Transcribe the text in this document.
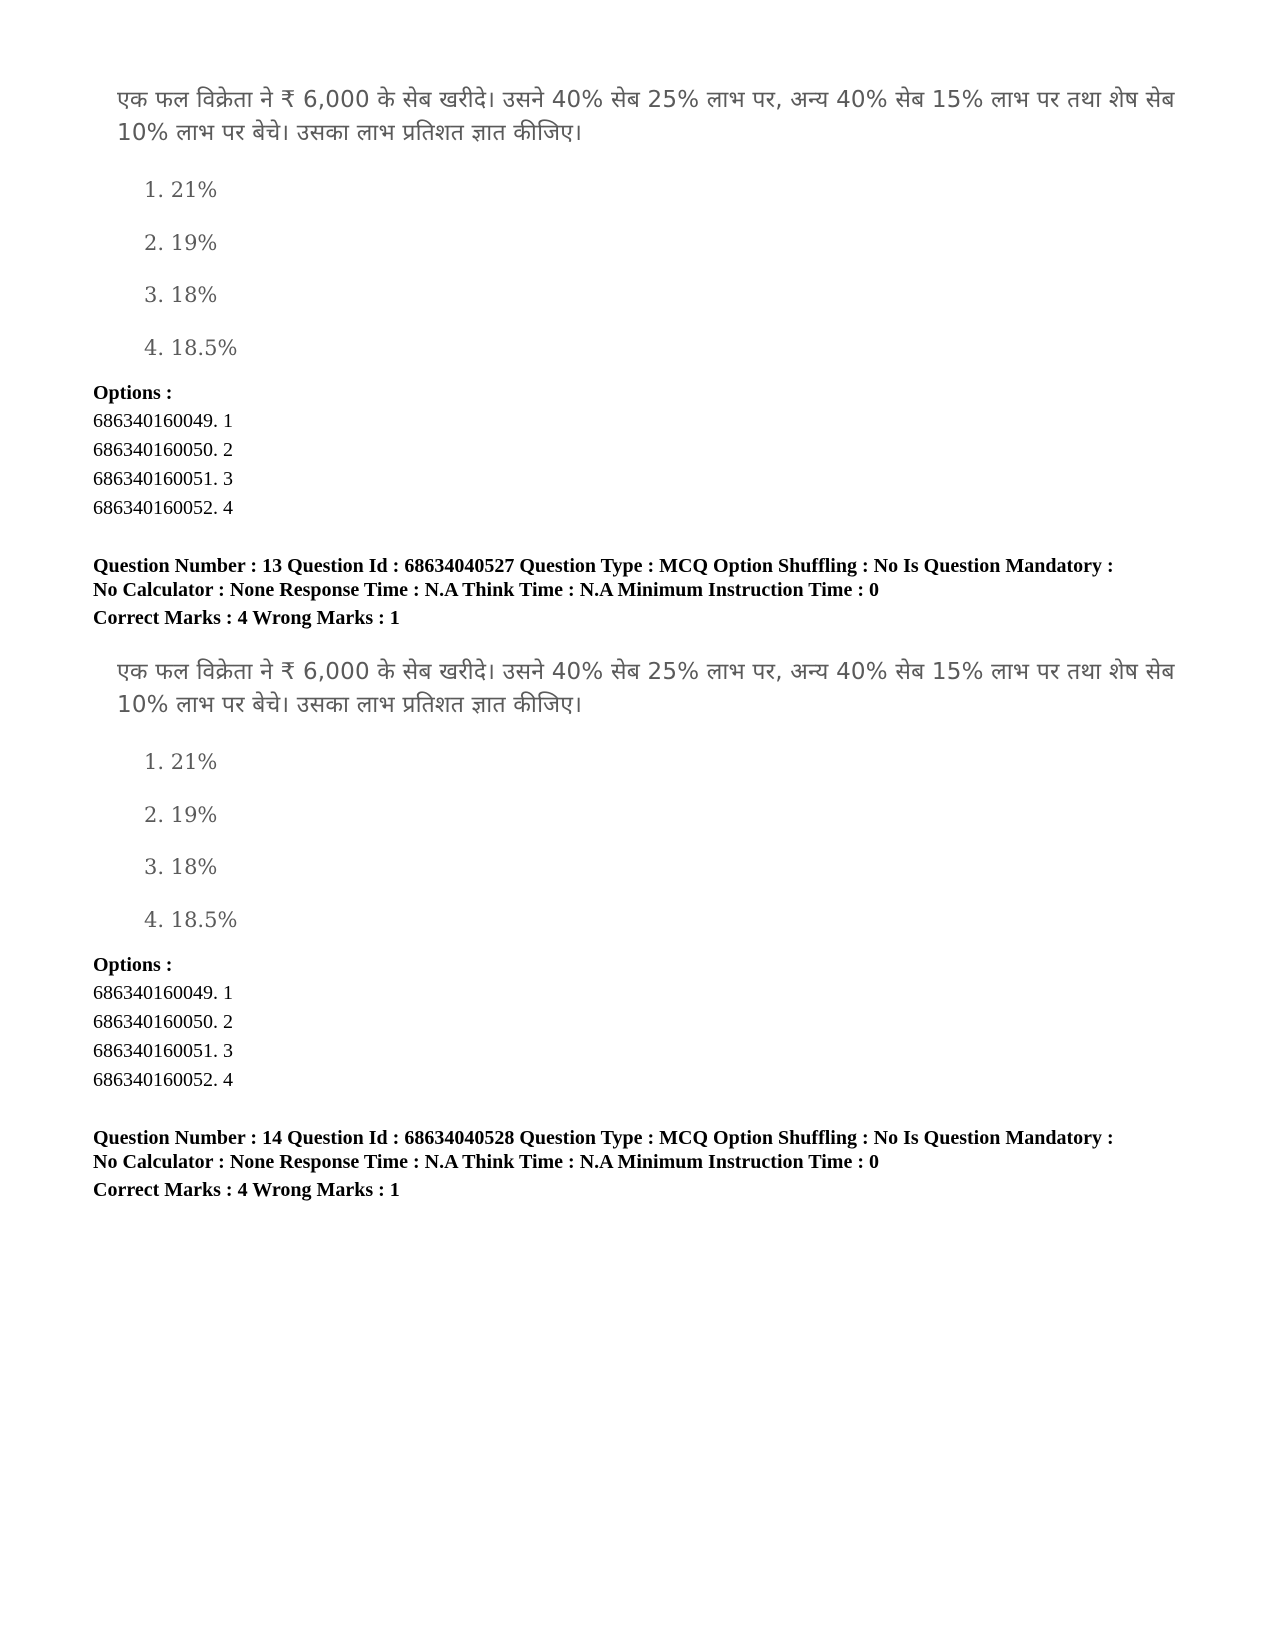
एक फल विक्रेता ने ₹ 6,000 के सेब खरीदे। उसने 40% सेब 25% लाभ पर, अन्य 40% सेब 15% लाभ पर तथा शेष सेब 10% लाभ पर बेचे। उसका लाभ प्रतिशत ज्ञात कीजिए।

1. 21%
2. 19%
3. 18%
4. 18.5%

Options :

686340160049. 1

686340160050. 2

686340160051. 3

686340160052. 4

Question Number : 13 Question Id : 68634040527 Question Type : MCQ Option Shuffling : No Is Question Mandatory :

No Calculator : None Response Time : N.A Think Time : N.A Minimum Instruction Time : 0

Correct Marks : 4 Wrong Marks : 1

एक फल विक्रेता ने ₹ 6,000 के सेब खरीदे। उसने 40% सेब 25% लाभ पर, अन्य 40% सेब 15% लाभ पर तथा शेष सेब 10% लाभ पर बेचे। उसका लाभ प्रतिशत ज्ञात कीजिए।

1. 21%
2. 19%
3. 18%
4. 18.5%

Options :

686340160049. 1

686340160050. 2

686340160051. 3

686340160052. 4

Question Number : 14 Question Id : 68634040528 Question Type : MCQ Option Shuffling : No Is Question Mandatory :

No Calculator : None Response Time : N.A Think Time : N.A Minimum Instruction Time : 0

Correct Marks : 4 Wrong Marks : 1
